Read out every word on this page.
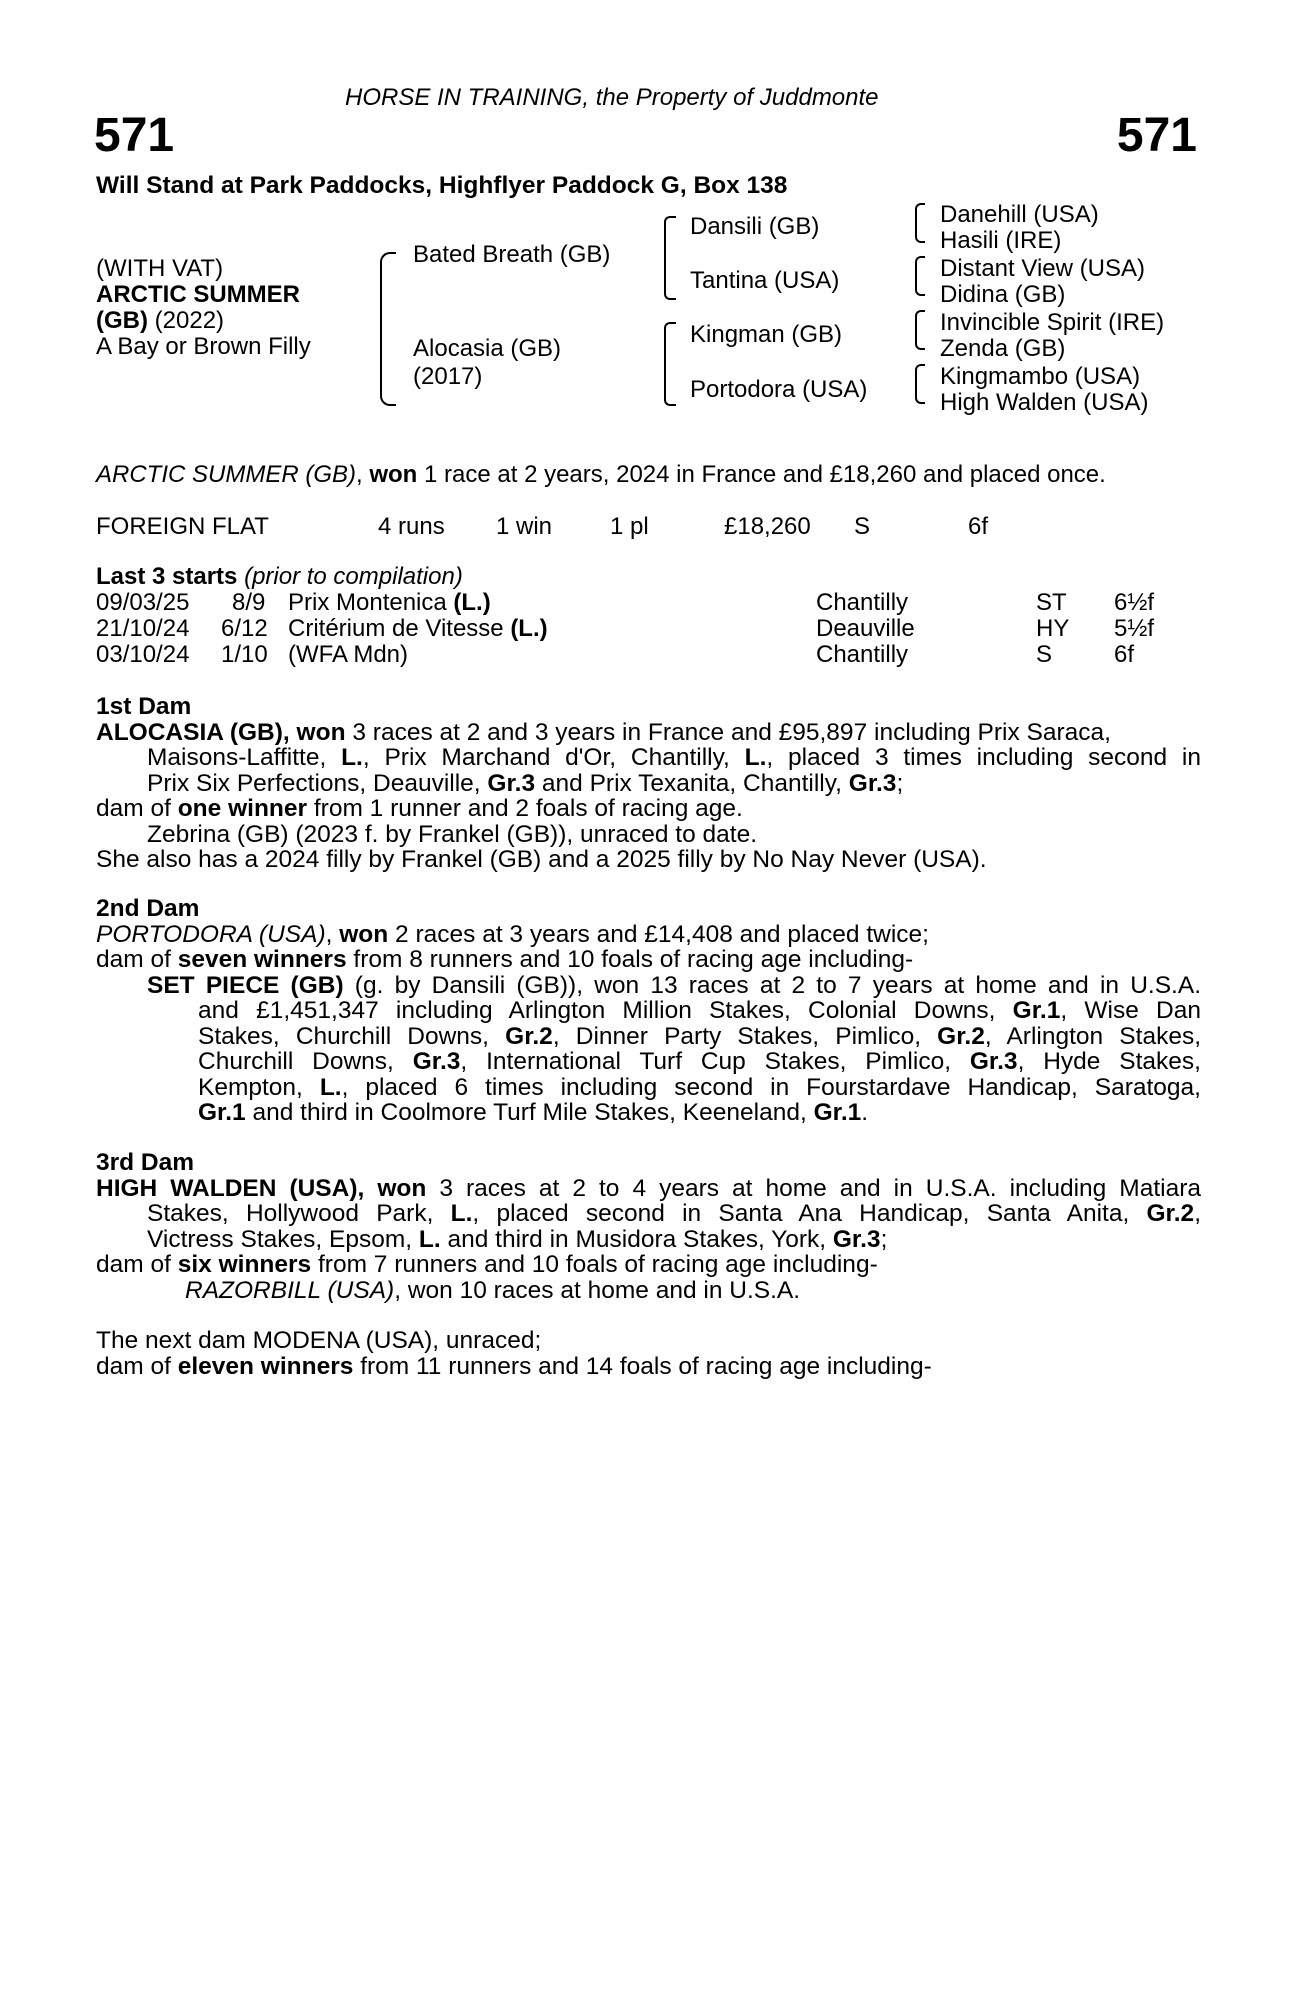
HORSE IN TRAINING, the Property of Juddmonte
571	571
Will Stand at Park Paddocks, Highflyer Paddock G, Box 138
(WITH VAT)
ARCTIC SUMMER
(GB) (2022)
A Bay or Brown Filly
Bated Breath (GB)
Alocasia (GB)
(2017)
Dansili (GB)
Tantina (USA)
Kingman (GB)
Portodora (USA)
Danehill (USA)
Hasili (IRE)
Distant View (USA)
Didina (GB)
Invincible Spirit (IRE)
Zenda (GB)
Kingmambo (USA)
High Walden (USA)
ARCTIC SUMMER (GB), won 1 race at 2 years, 2024 in France and £18,260 and placed once.
FOREIGN FLAT	4 runs 1 win 1 pl	£18,260 S	6f
Last 3 starts (prior to compilation)
09/03/25 8/9 Prix Montenica (L.)	Chantilly	ST 6½f
21/10/24 6/12 Critérium de Vitesse (L.)	Deauville	HY 5½f
03/10/24 1/10 (WFA Mdn)	Chantilly	S	6f

1st Dam

ALOCASIA (GB), won 3 races at 2 and 3 years in France and £95,897 including Prix Saraca,

Maisons-Laffitte, L., Prix Marchand d'Or, Chantilly, L., placed 3 times including second in

Prix Six Perfections, Deauville, Gr.3 and Prix Texanita, Chantilly, Gr.3;

dam of one winner from 1 runner and 2 foals of racing age.

Zebrina (GB) (2023 f. by Frankel (GB)), unraced to date.

She also has a 2024 filly by Frankel (GB) and a 2025 filly by No Nay Never (USA).

2nd Dam

PORTODORA (USA), won 2 races at 3 years and £14,408 and placed twice;

dam of seven winners from 8 runners and 10 foals of racing age including-

SET PIECE (GB) (g. by Dansili (GB)), won 13 races at 2 to 7 years at home and in U.S.A.

and £1,451,347 including Arlington Million Stakes, Colonial Downs, Gr.1, Wise Dan

Stakes, Churchill Downs, Gr.2, Dinner Party Stakes, Pimlico, Gr.2, Arlington Stakes,

Churchill Downs, Gr.3, International Turf Cup Stakes, Pimlico, Gr.3, Hyde Stakes,

Kempton, L., placed 6 times including second in Fourstardave Handicap, Saratoga,

Gr.1 and third in Coolmore Turf Mile Stakes, Keeneland, Gr.1.

3rd Dam

HIGH WALDEN (USA), won 3 races at 2 to 4 years at home and in U.S.A. including Matiara

Stakes, Hollywood Park, L., placed second in Santa Ana Handicap, Santa Anita, Gr.2,

Victress Stakes, Epsom, L. and third in Musidora Stakes, York, Gr.3;

dam of six winners from 7 runners and 10 foals of racing age including-

RAZORBILL (USA), won 10 races at home and in U.S.A.

The next dam MODENA (USA), unraced;

dam of eleven winners from 11 runners and 14 foals of racing age including-
